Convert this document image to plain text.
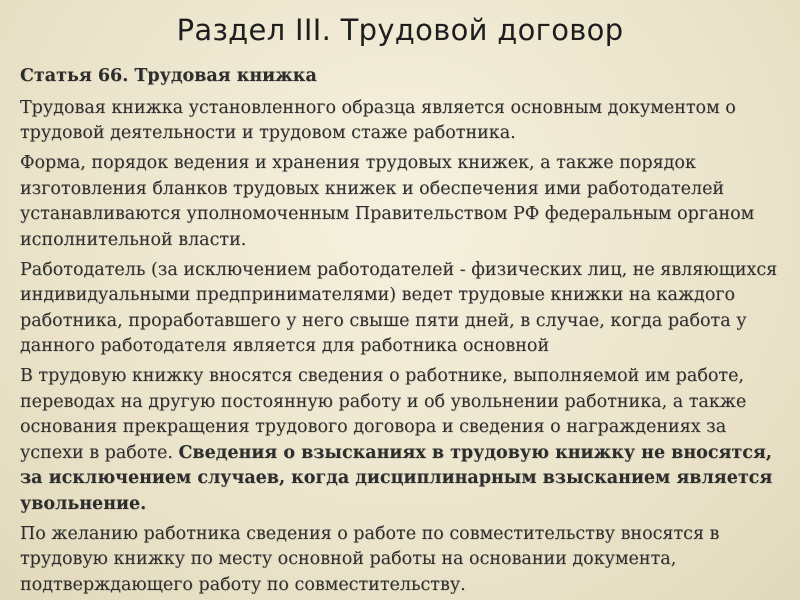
Раздел III. Трудовой договор

Статья 66. Трудовая книжка

Трудовая книжка установленного образца является основным документом о трудовой деятельности и трудовом стаже работника.

Форма, порядок ведения и хранения трудовых книжек, а также порядок изготовления бланков трудовых книжек и обеспечения ими работодателей устанавливаются уполномоченным Правительством РФ федеральным органом исполнительной власти.

Работодатель (за исключением работодателей - физических лиц, не являющихся индивидуальными предпринимателями) ведет трудовые книжки на каждого работника, проработавшего у него свыше пяти дней, в случае, когда работа у данного работодателя является для работника основной

В трудовую книжку вносятся сведения о работнике, выполняемой им работе, переводах на другую постоянную работу и об увольнении работника, а также основания прекращения трудового договора и сведения о награждениях за успехи в работе. Сведения о взысканиях в трудовую книжку не вносятся, за исключением случаев, когда дисциплинарным взысканием является увольнение.

По желанию работника сведения о работе по совместительству вносятся в трудовую книжку по месту основной работы на основании документа, подтверждающего работу по совместительству.
